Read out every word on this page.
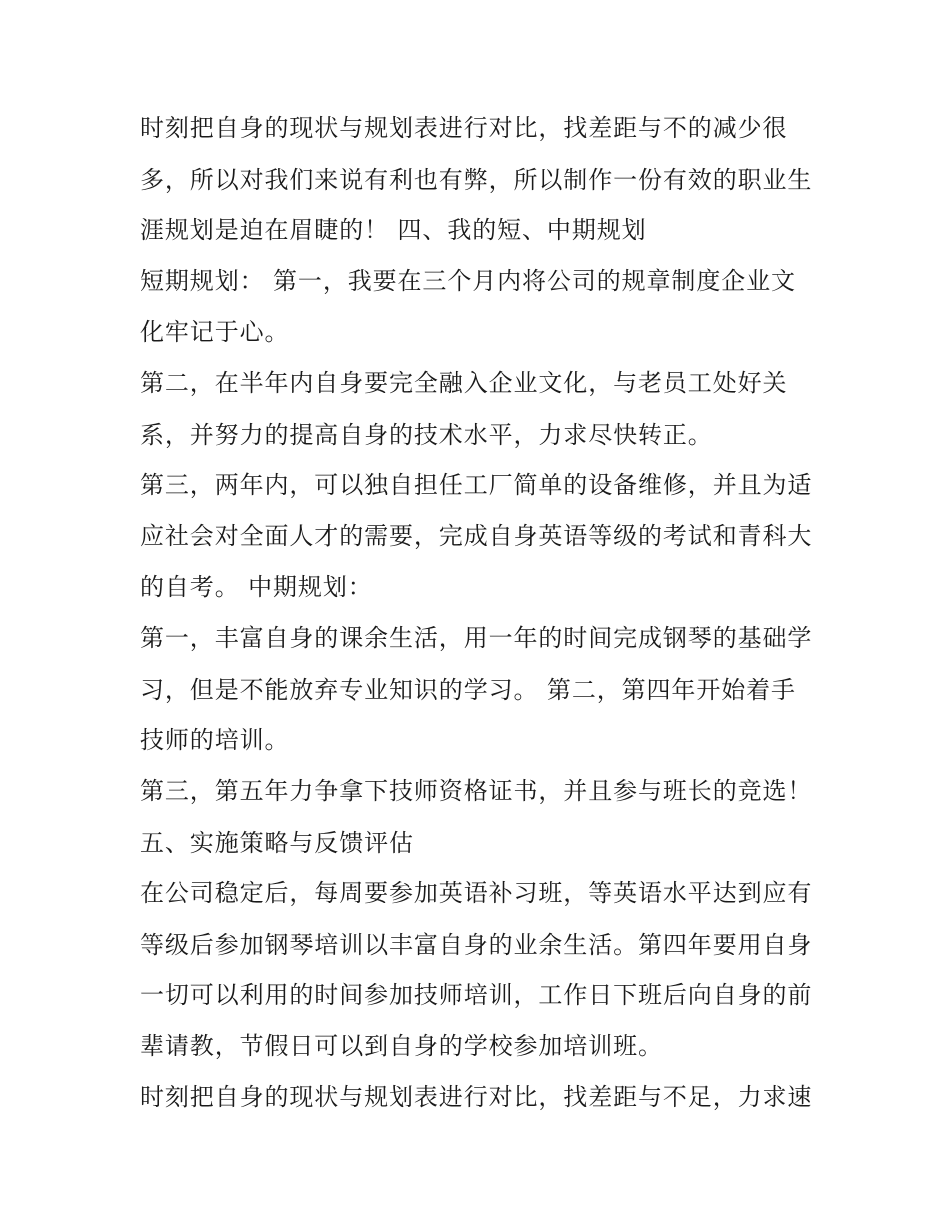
时刻把自身的现状与规划表进行对比，找差距与不的减少很
多，所以对我们来说有利也有弊，所以制作一份有效的职业生
涯规划是迫在眉睫的！ 四、我的短、中期规划
短期规划： 第一，我要在三个月内将公司的规章制度企业文
化牢记于心。
第二，在半年内自身要完全融入企业文化，与老员工处好关
系，并努力的提高自身的技术水平，力求尽快转正。
第三，两年内，可以独自担任工厂简单的设备维修，并且为适
应社会对全面人才的需要，完成自身英语等级的考试和青科大
的自考。 中期规划：
第一，丰富自身的课余生活，用一年的时间完成钢琴的基础学
习，但是不能放弃专业知识的学习。 第二，第四年开始着手
技师的培训。
第三，第五年力争拿下技师资格证书，并且参与班长的竞选！
五、实施策略与反馈评估
在公司稳定后，每周要参加英语补习班，等英语水平达到应有
等级后参加钢琴培训以丰富自身的业余生活。第四年要用自身
一切可以利用的时间参加技师培训，工作日下班后向自身的前
辈请教，节假日可以到自身的学校参加培训班。
时刻把自身的现状与规划表进行对比，找差距与不足，力求速
